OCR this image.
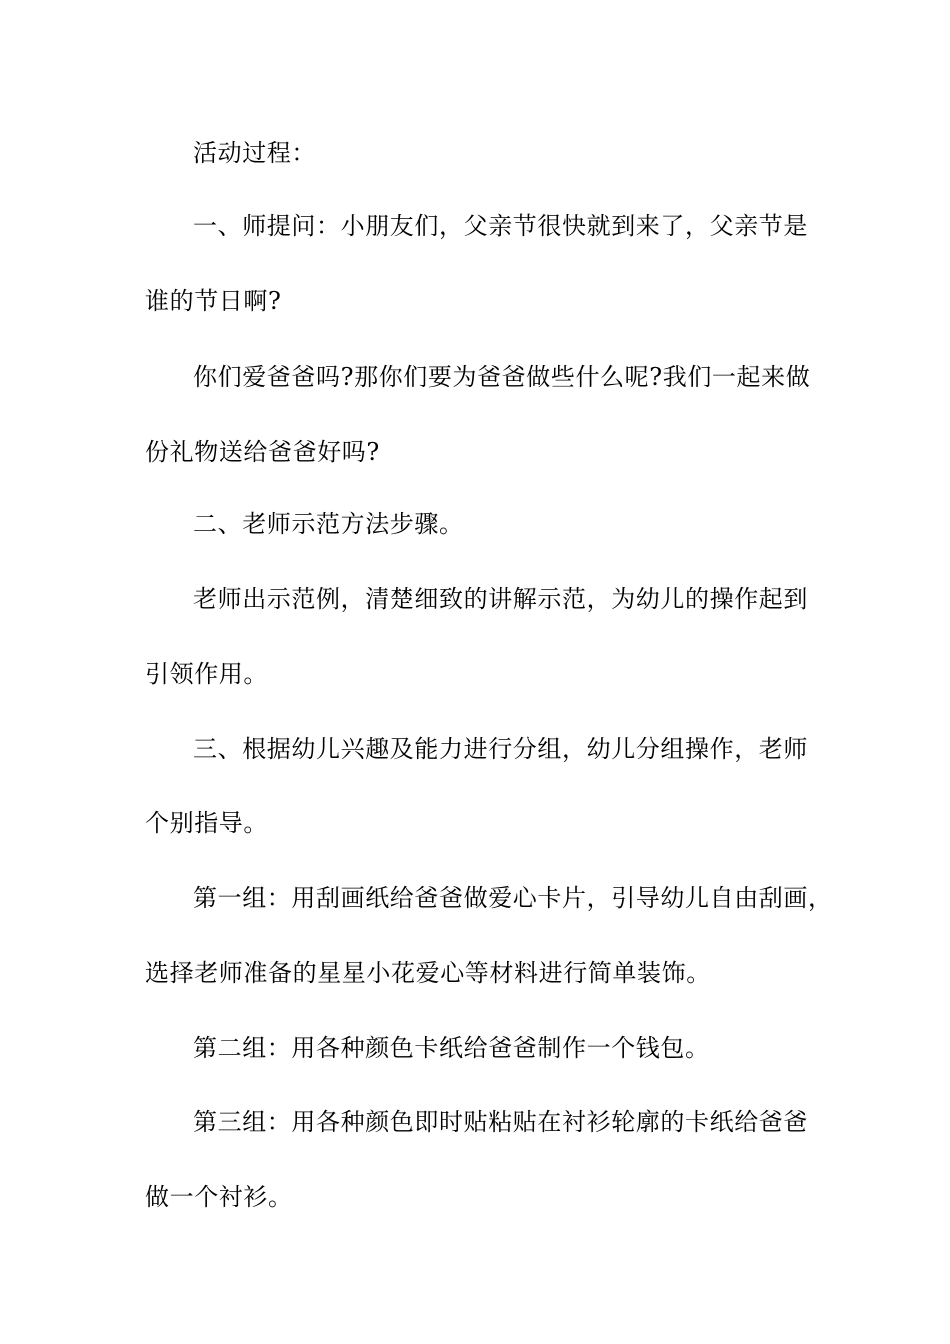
活动过程：
一、师提问：小朋友们，父亲节很快就到来了，父亲节是
谁的节日啊?
你们爱爸爸吗?那你们要为爸爸做些什么呢?我们一起来做
份礼物送给爸爸好吗?
二、老师示范方法步骤。
老师出示范例，清楚细致的讲解示范，为幼儿的操作起到
引领作用。
三、根据幼儿兴趣及能力进行分组，幼儿分组操作，老师
个别指导。
第一组：用刮画纸给爸爸做爱心卡片，引导幼儿自由刮画，
选择老师准备的星星小花爱心等材料进行简单装饰。
第二组：用各种颜色卡纸给爸爸制作一个钱包。
第三组：用各种颜色即时贴粘贴在衬衫轮廓的卡纸给爸爸
做一个衬衫。
